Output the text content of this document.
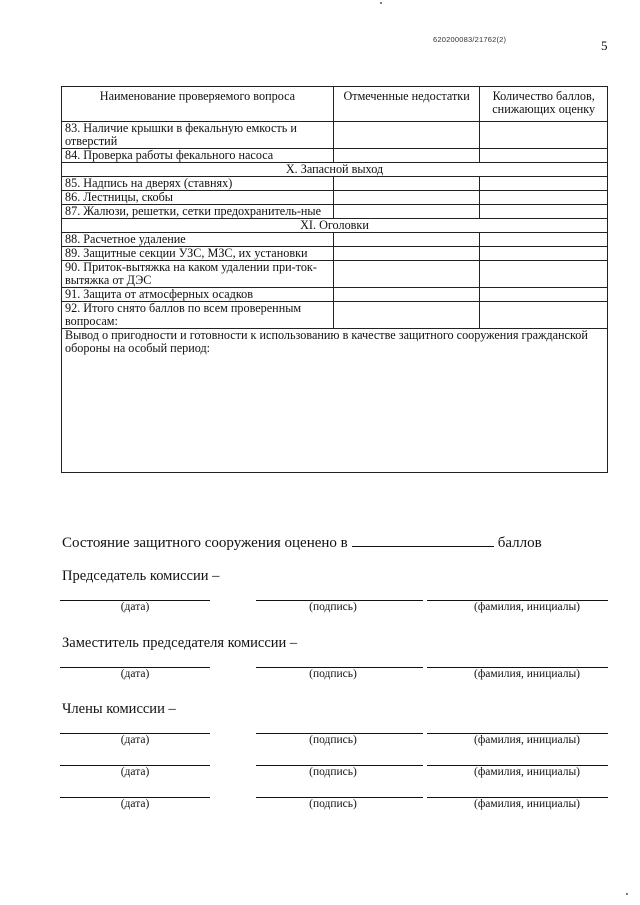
620200083/21762(2)	5
Наименование проверяемого вопроса	Отмеченные недостатки	Количество баллов, снижающих оценку
83. Наличие крышки в фекальную емкость и отверстий		
84. Проверка работы фекального насоса		
Х. Запасной выход		
85. Надпись на дверях (ставнях)		
86. Лестницы, скобы		
87. Жалюзи, решетки, сетки предохранитель-ные		
XI. Оголовки		
88. Расчетное удаление		
89. Защитные секции УЗС, МЗС, их установки		
90. Приток-вытяжка на каком удалении при-ток-вытяжка от ДЭС		
91. Защита от атмосферных осадков		
92. Итого снято баллов по всем проверенным вопросам:		
Вывод о пригодности и готовности к использованию в качестве защитного сооружения гражданской обороны на особый период:		
Состояние защитного сооружения оценено в	баллов
Председатель комиссии –
(дата)	(подпись)	(фамилия, инициалы)
Заместитель председателя комиссии –
(дата)	(подпись)	(фамилия, инициалы)
Члены комиссии –
(дата)	(подпись)	(фамилия, инициалы)
(дата)	(подпись)	(фамилия, инициалы)
(дата)	(подпись)	(фамилия, инициалы)
